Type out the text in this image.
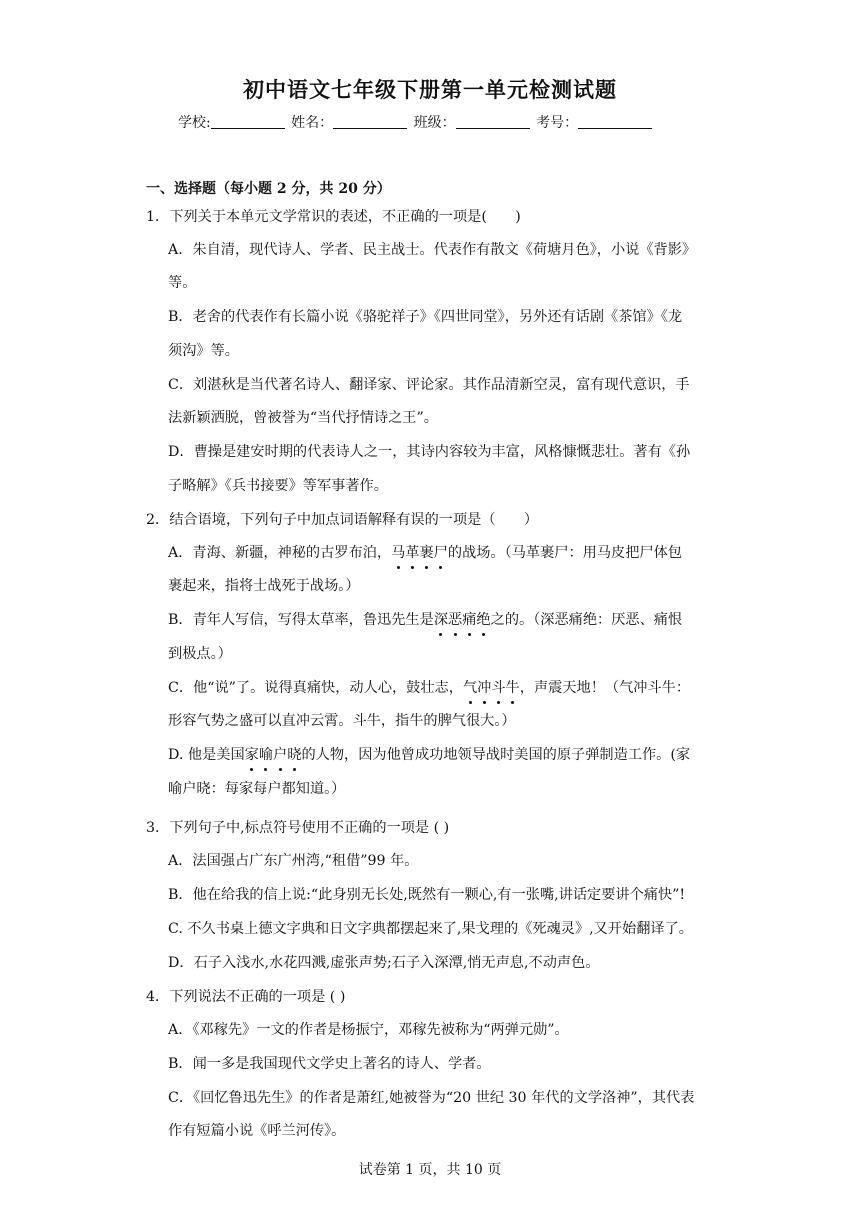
初中语文七年级下册第一单元检测试题
学校:	姓名：	班级：	考号：
一、选择题（每小题 2 分，共 20 分）
1．下列关于本单元文学常识的表述，不正确的一项是(　　)
A．朱自清，现代诗人、学者、民主战士。代表作有散文《荷塘月色》，小说《背影》
等。
B．老舍的代表作有长篇小说《骆驼祥子》《四世同堂》，另外还有话剧《茶馆》《龙
须沟》等。
C．刘湛秋是当代著名诗人、翻译家、评论家。其作品清新空灵，富有现代意识，手
法新颖洒脱，曾被誉为“当代抒情诗之王”。
D．曹操是建安时期的代表诗人之一，其诗内容较为丰富，风格慷慨悲壮。著有《孙
子略解》《兵书接要》等军事著作。
2．结合语境，下列句子中加点词语解释有误的一项是（　　）
A．青海、新疆，神秘的古罗布泊，马革裹尸的战场。（马革裹尸：用马皮把尸体包
裹起来，指将士战死于战场。）
B．青年人写信，写得太草率，鲁迅先生是深恶痛绝之的。（深恶痛绝：厌恶、痛恨
到极点。）
C．他“说”了。说得真痛快，动人心，鼓壮志，气冲斗牛，声震天地！（气冲斗牛：
形容气势之盛可以直冲云霄。斗牛，指牛的脾气很大。）
D. 他是美国家喻户晓的人物，因为他曾成功地领导战时美国的原子弹制造工作。(家
喻户晓：每家每户都知道。）
3．下列句子中,标点符号使用不正确的一项是 ( )
A．法国强占广东广州湾,“租借”99 年。
B．他在给我的信上说:“此身别无长处,既然有一颗心,有一张嘴,讲话定要讲个痛快”!
C. 不久书桌上德文字典和日文字典都摆起来了,果戈理的《死魂灵》,又开始翻译了。
D．石子入浅水,水花四溅,虚张声势;石子入深潭,悄无声息,不动声色。
4．下列说法不正确的一项是 ( )
A．《邓稼先》一文的作者是杨振宁，邓稼先被称为“两弹元勋”。
B．闻一多是我国现代文学史上著名的诗人、学者。
C．《回忆鲁迅先生》的作者是萧红,她被誉为“20 世纪 30 年代的文学洛神”，其代表
作有短篇小说《呼兰河传》。
试卷第 1 页，共 10 页
